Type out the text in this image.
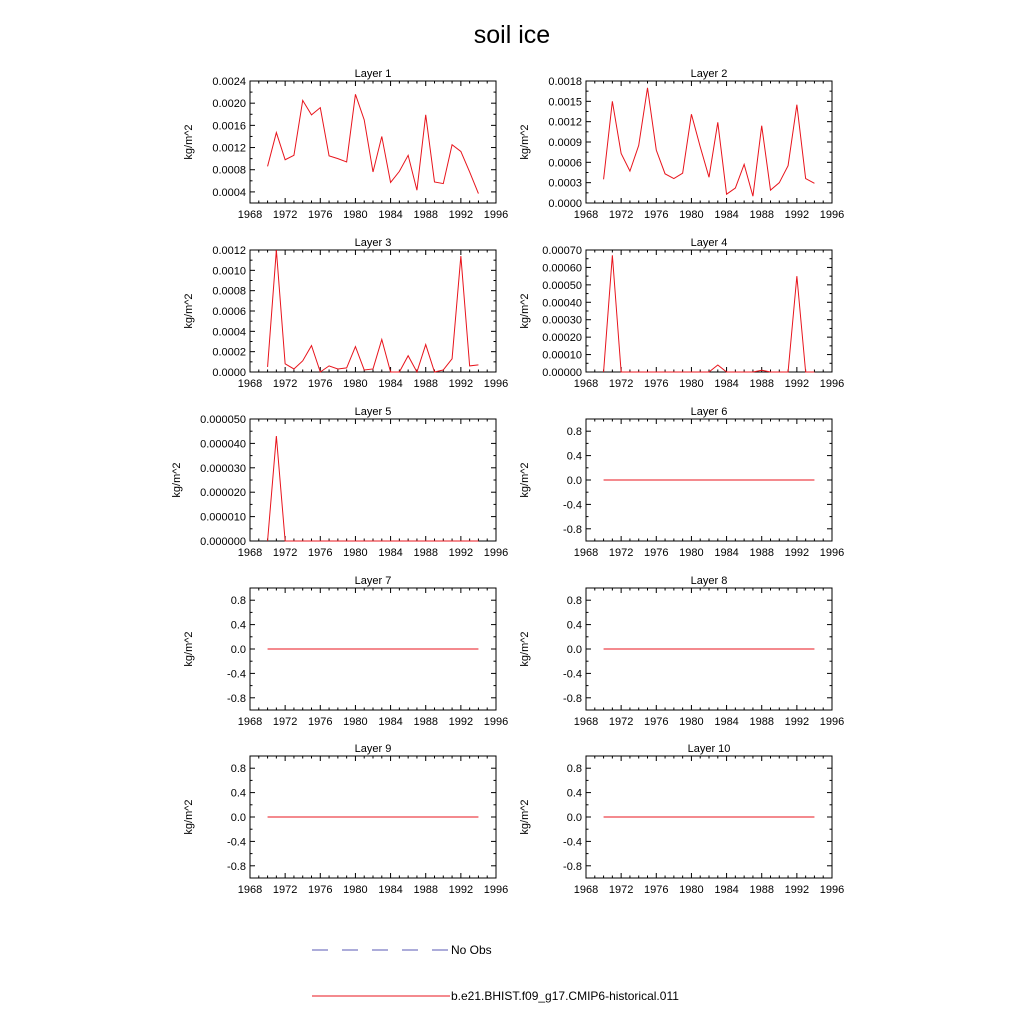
soil ice
Layer 1
1968 1972 1976 1980 1984 1988 1992 1996
0.0004
0.0008
0.0012
0.0016
0.0020
0.0024
kg/m^2
Layer 2
1968 1972 1976 1980 1984 1988 1992 1996
0.0000
0.0003
0.0006
0.0009
0.0012
0.0015
0.0018
kg/m^2
Layer 3
1968 1972 1976 1980 1984 1988 1992 1996
0.0000
0.0002
0.0004
0.0006
0.0008
0.0010
0.0012
kg/m^2
Layer 4
1968 1972 1976 1980 1984 1988 1992 1996
0.00000
0.00010
0.00020
0.00030
0.00040
0.00050
0.00060
0.00070
kg/m^2
Layer 5
1968 1972 1976 1980 1984 1988 1992 1996
0.000000
0.000010
0.000020
0.000030
0.000040
0.000050
kg/m^2
Layer 6
1968 1972 1976 1980 1984 1988 1992 1996
-0.8
-0.4
0.0
0.4
0.8
kg/m^2
Layer 7
1968 1972 1976 1980 1984 1988 1992 1996
-0.8
-0.4
0.0
0.4
0.8
kg/m^2
Layer 8
1968 1972 1976 1980 1984 1988 1992 1996
-0.8
-0.4
0.0
0.4
0.8
kg/m^2
Layer 9
1968 1972 1976 1980 1984 1988 1992 1996
-0.8
-0.4
0.0
0.4
0.8
kg/m^2
Layer 10
1968 1972 1976 1980 1984 1988 1992 1996
-0.8
-0.4
0.0
0.4
0.8
kg/m^2
No Obs
b.e21.BHIST.f09_g17.CMIP6-historical.011
